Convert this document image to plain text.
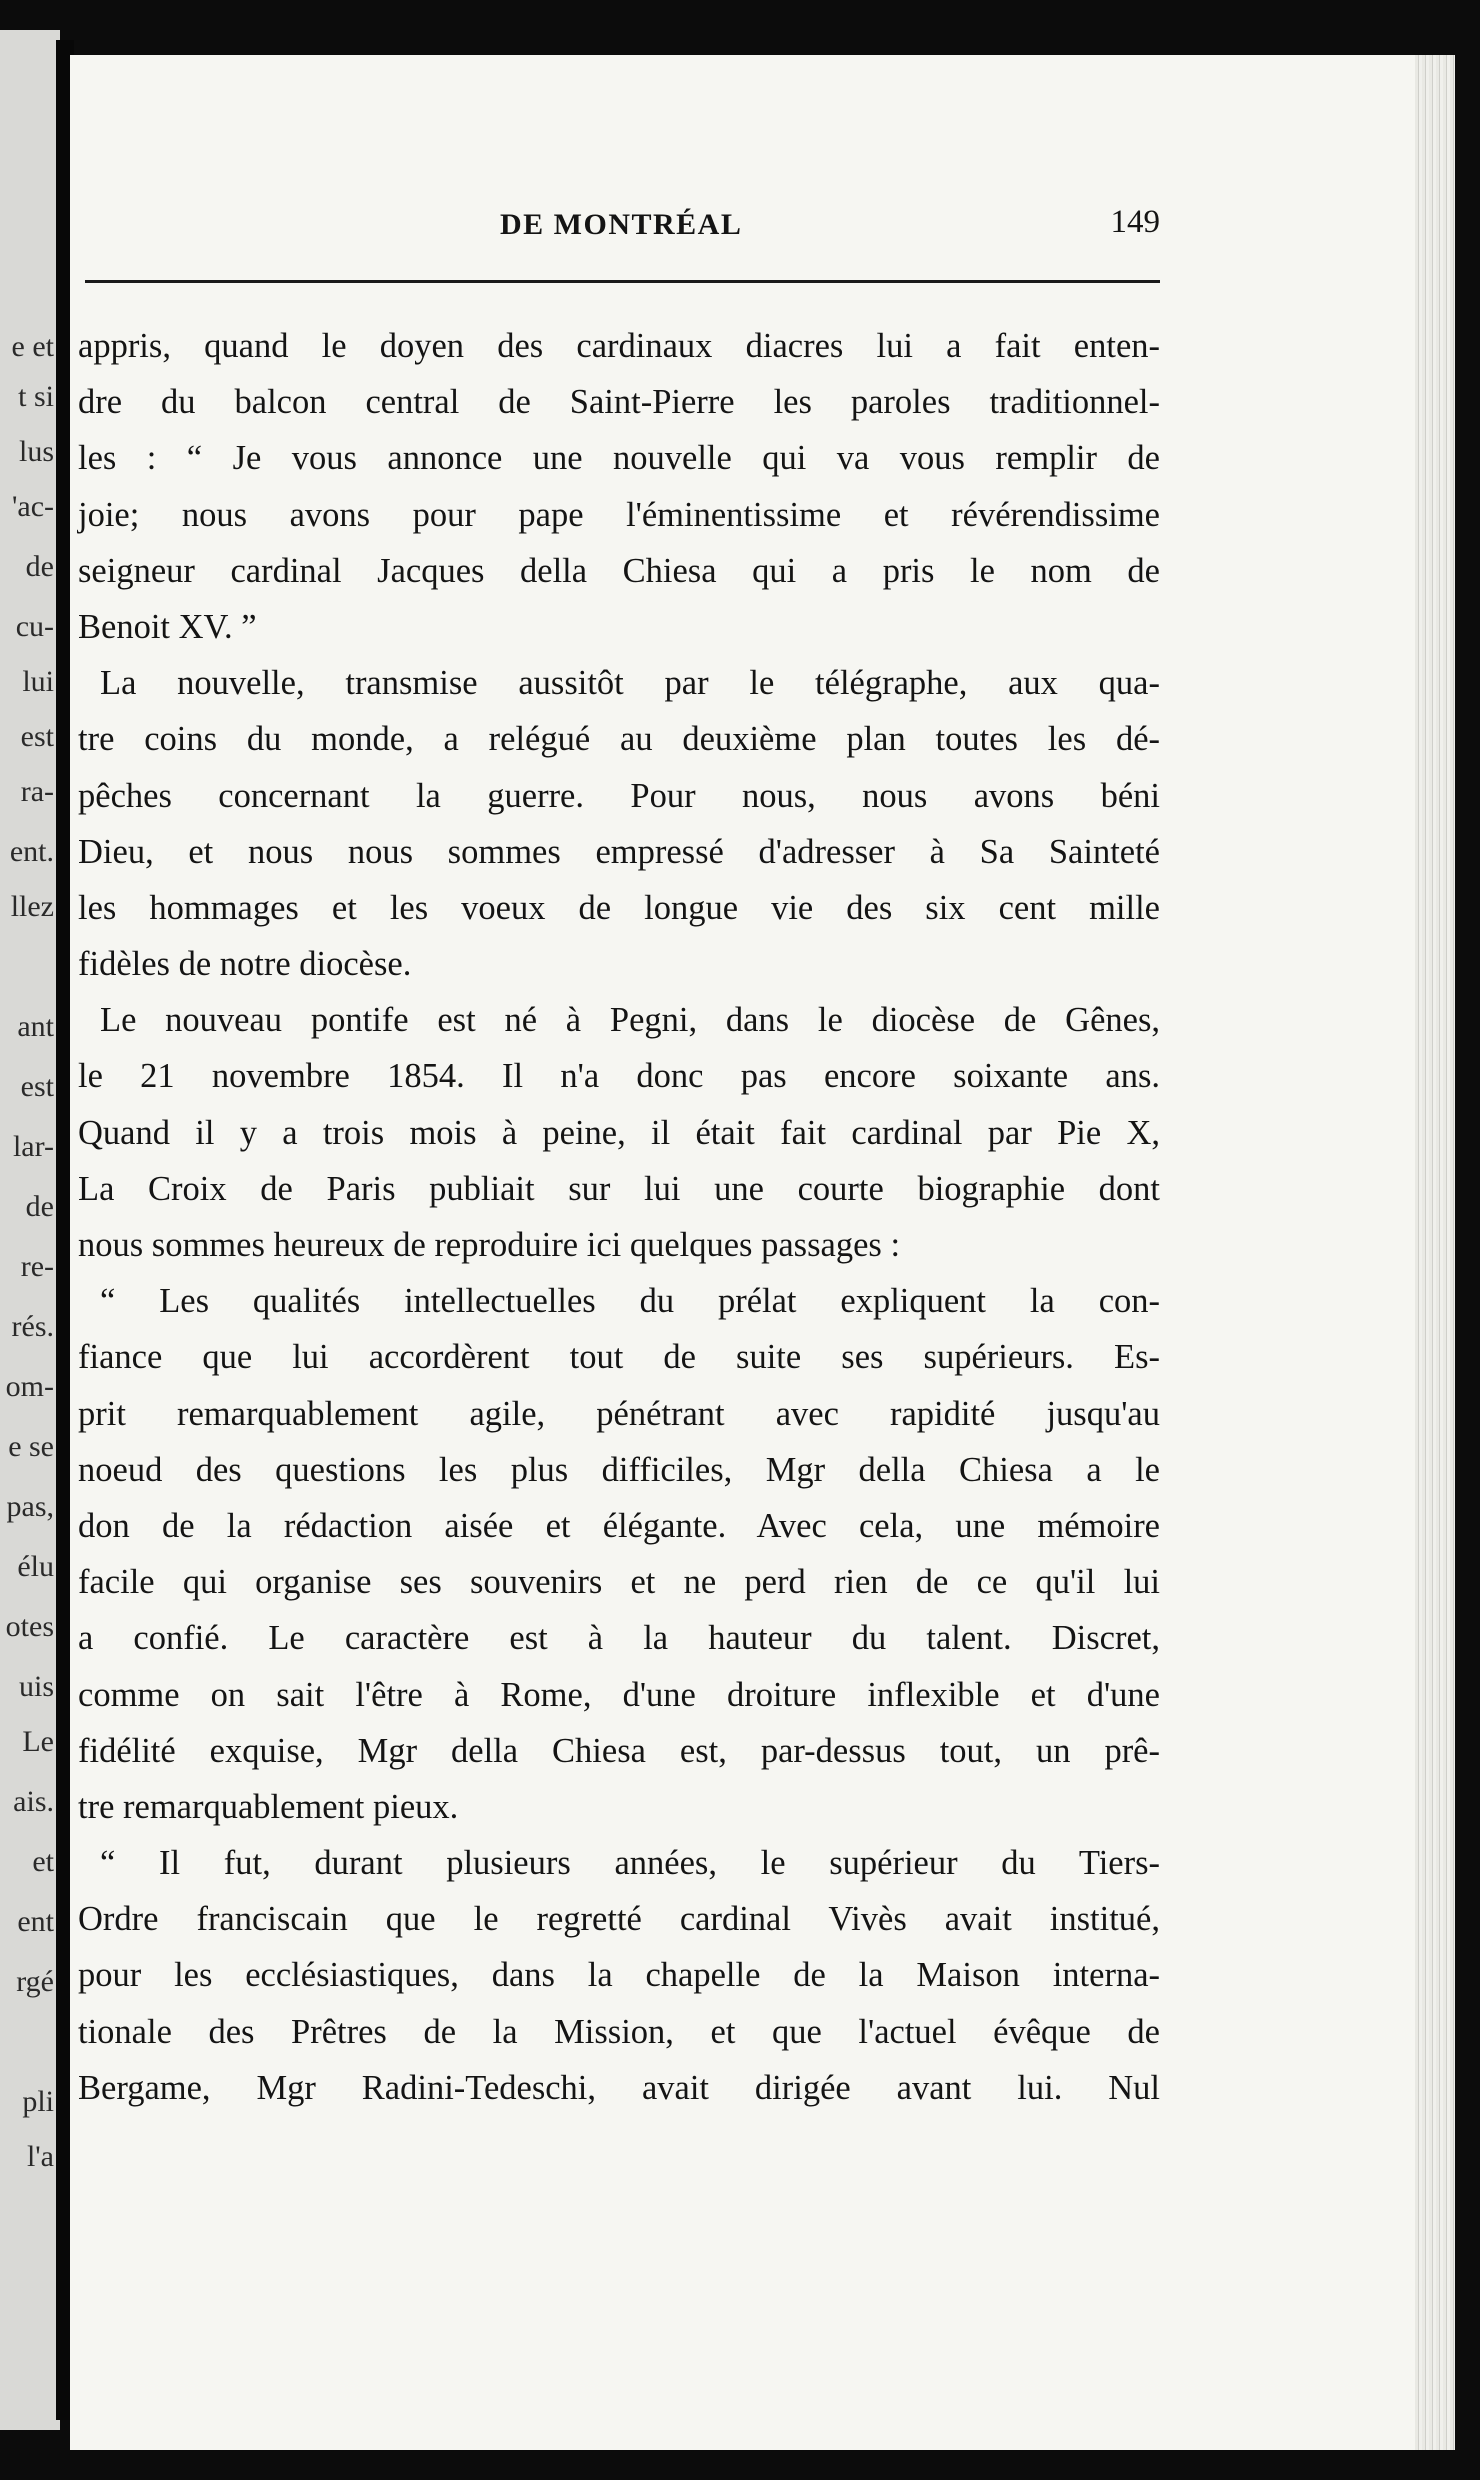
e et
t si
lus
'ac-
de
cu-
lui
est
ra-
ent.
llez
ant
est
lar-
de
re-
rés.
om-
e se
pas,
élu
otes
uis
Le
ais.
et
ent
rgé
pli
l'a
DE MONTRÉAL	149
appris, quand le doyen des cardinaux diacres lui a fait enten-
dre du balcon central de Saint-Pierre les paroles traditionnel-
les : “ Je vous annonce une nouvelle qui va vous remplir de
joie; nous avons pour pape l'éminentissime et révérendissime
seigneur cardinal Jacques della Chiesa qui a pris le nom de
Benoit XV. ”
La nouvelle, transmise aussitôt par le télégraphe, aux qua-
tre coins du monde, a relégué au deuxième plan toutes les dé-
pêches concernant la guerre. Pour nous, nous avons béni
Dieu, et nous nous sommes empressé d'adresser à Sa Sainteté
les hommages et les voeux de longue vie des six cent mille
fidèles de notre diocèse.
Le nouveau pontife est né à Pegni, dans le diocèse de Gênes,
le 21 novembre 1854. Il n'a donc pas encore soixante ans.
Quand il y a trois mois à peine, il était fait cardinal par Pie X,
La Croix de Paris publiait sur lui une courte biographie dont
nous sommes heureux de reproduire ici quelques passages :
“ Les qualités intellectuelles du prélat expliquent la con-
fiance que lui accordèrent tout de suite ses supérieurs. Es-
prit remarquablement agile, pénétrant avec rapidité jusqu'au
noeud des questions les plus difficiles, Mgr della Chiesa a le
don de la rédaction aisée et élégante. Avec cela, une mémoire
facile qui organise ses souvenirs et ne perd rien de ce qu'il lui
a confié. Le caractère est à la hauteur du talent. Discret,
comme on sait l'être à Rome, d'une droiture inflexible et d'une
fidélité exquise, Mgr della Chiesa est, par-dessus tout, un prê-
tre remarquablement pieux.
“ Il fut, durant plusieurs années, le supérieur du Tiers-
Ordre franciscain que le regretté cardinal Vivès avait institué,
pour les ecclésiastiques, dans la chapelle de la Maison interna-
tionale des Prêtres de la Mission, et que l'actuel évêque de
Bergame, Mgr Radini-Tedeschi, avait dirigée avant lui. Nul
